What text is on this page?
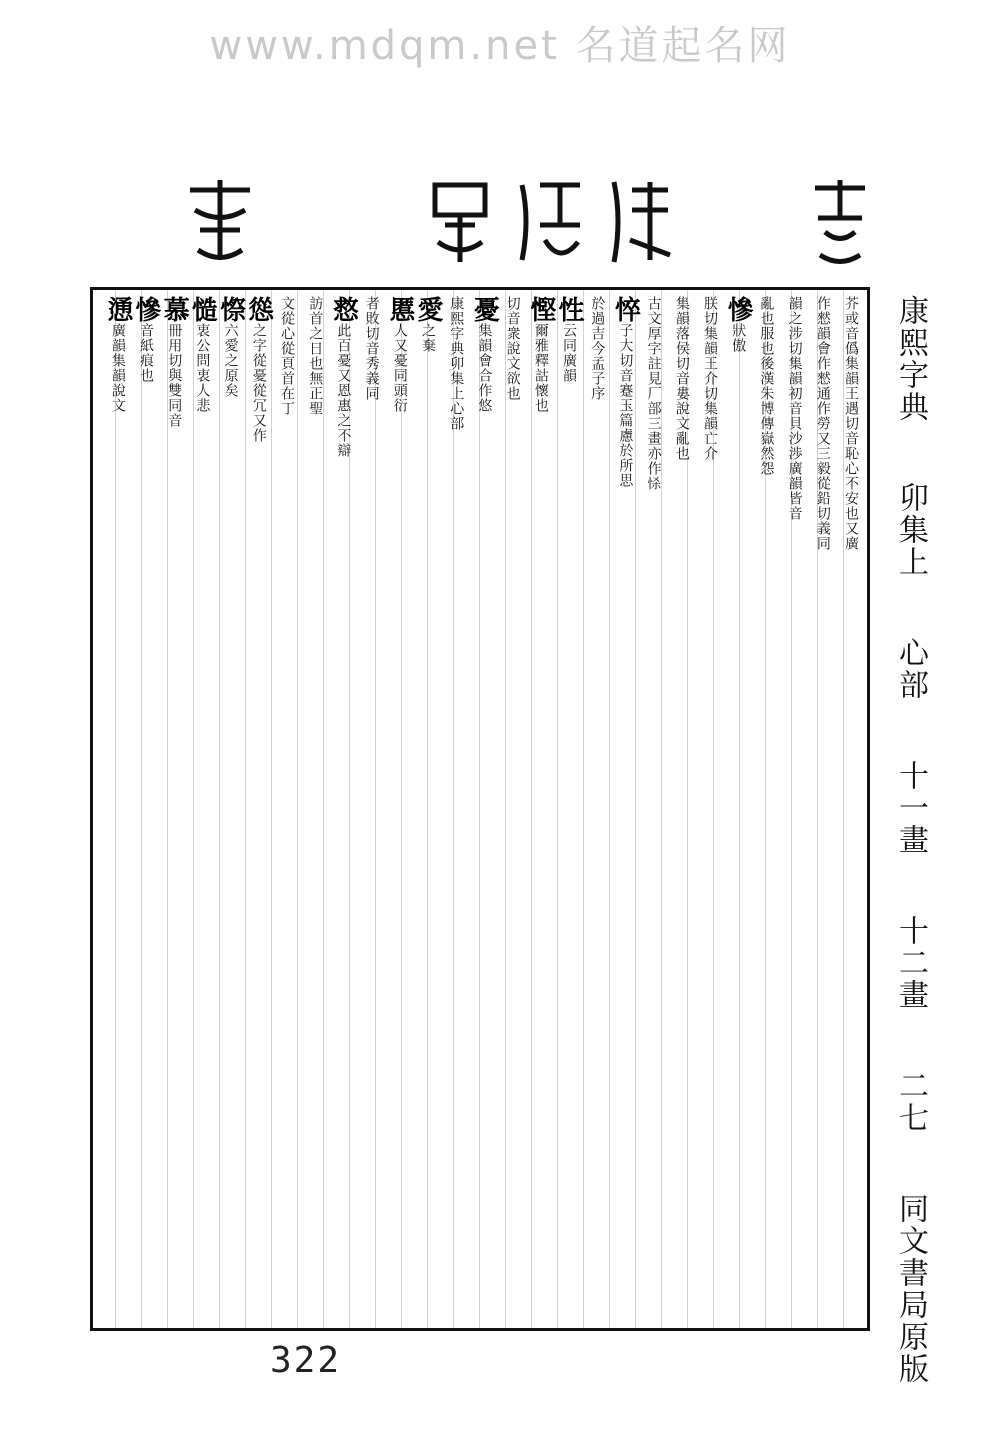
www.mdqm.net 名道起名网
芥或音僞集韻王遇切音恥心不安也又廣
作憖韻會作憖通作勞又三毅從鉛切義同
韻之涉切集韻初音貝沙渉廣韻皆音
亂也服也後漢朱博傳嶽然怨
慘狀傲
朕切集韻王介切集韻亡介
集韻落侯切音婁說文亂也
古文厚字註見厂部三畫亦作𢘹
悴子大切音蹇玉篇慮於所思
於過吉今孟子序
性云同廣韻
慳爾雅釋詁懷也
切音衆說文欲也
憂集韻會合作悠
康熙字典卯集上心部
愛之棄
慝人又憂同頭衍
者敗切音秀義同
慦此百憂又恩惠之不辯
訪首之日也無正聖
文從心從頁首在丁
慫之字從憂從冗又作
憏六愛之原矣
慥衷公問衷人悲
慕冊用切與雙同音
慘音紙痕也
慂廣韻集韻說文	康熙字典 卯集上 心部 十一畫 十二畫 二七 同文書局原版
322
